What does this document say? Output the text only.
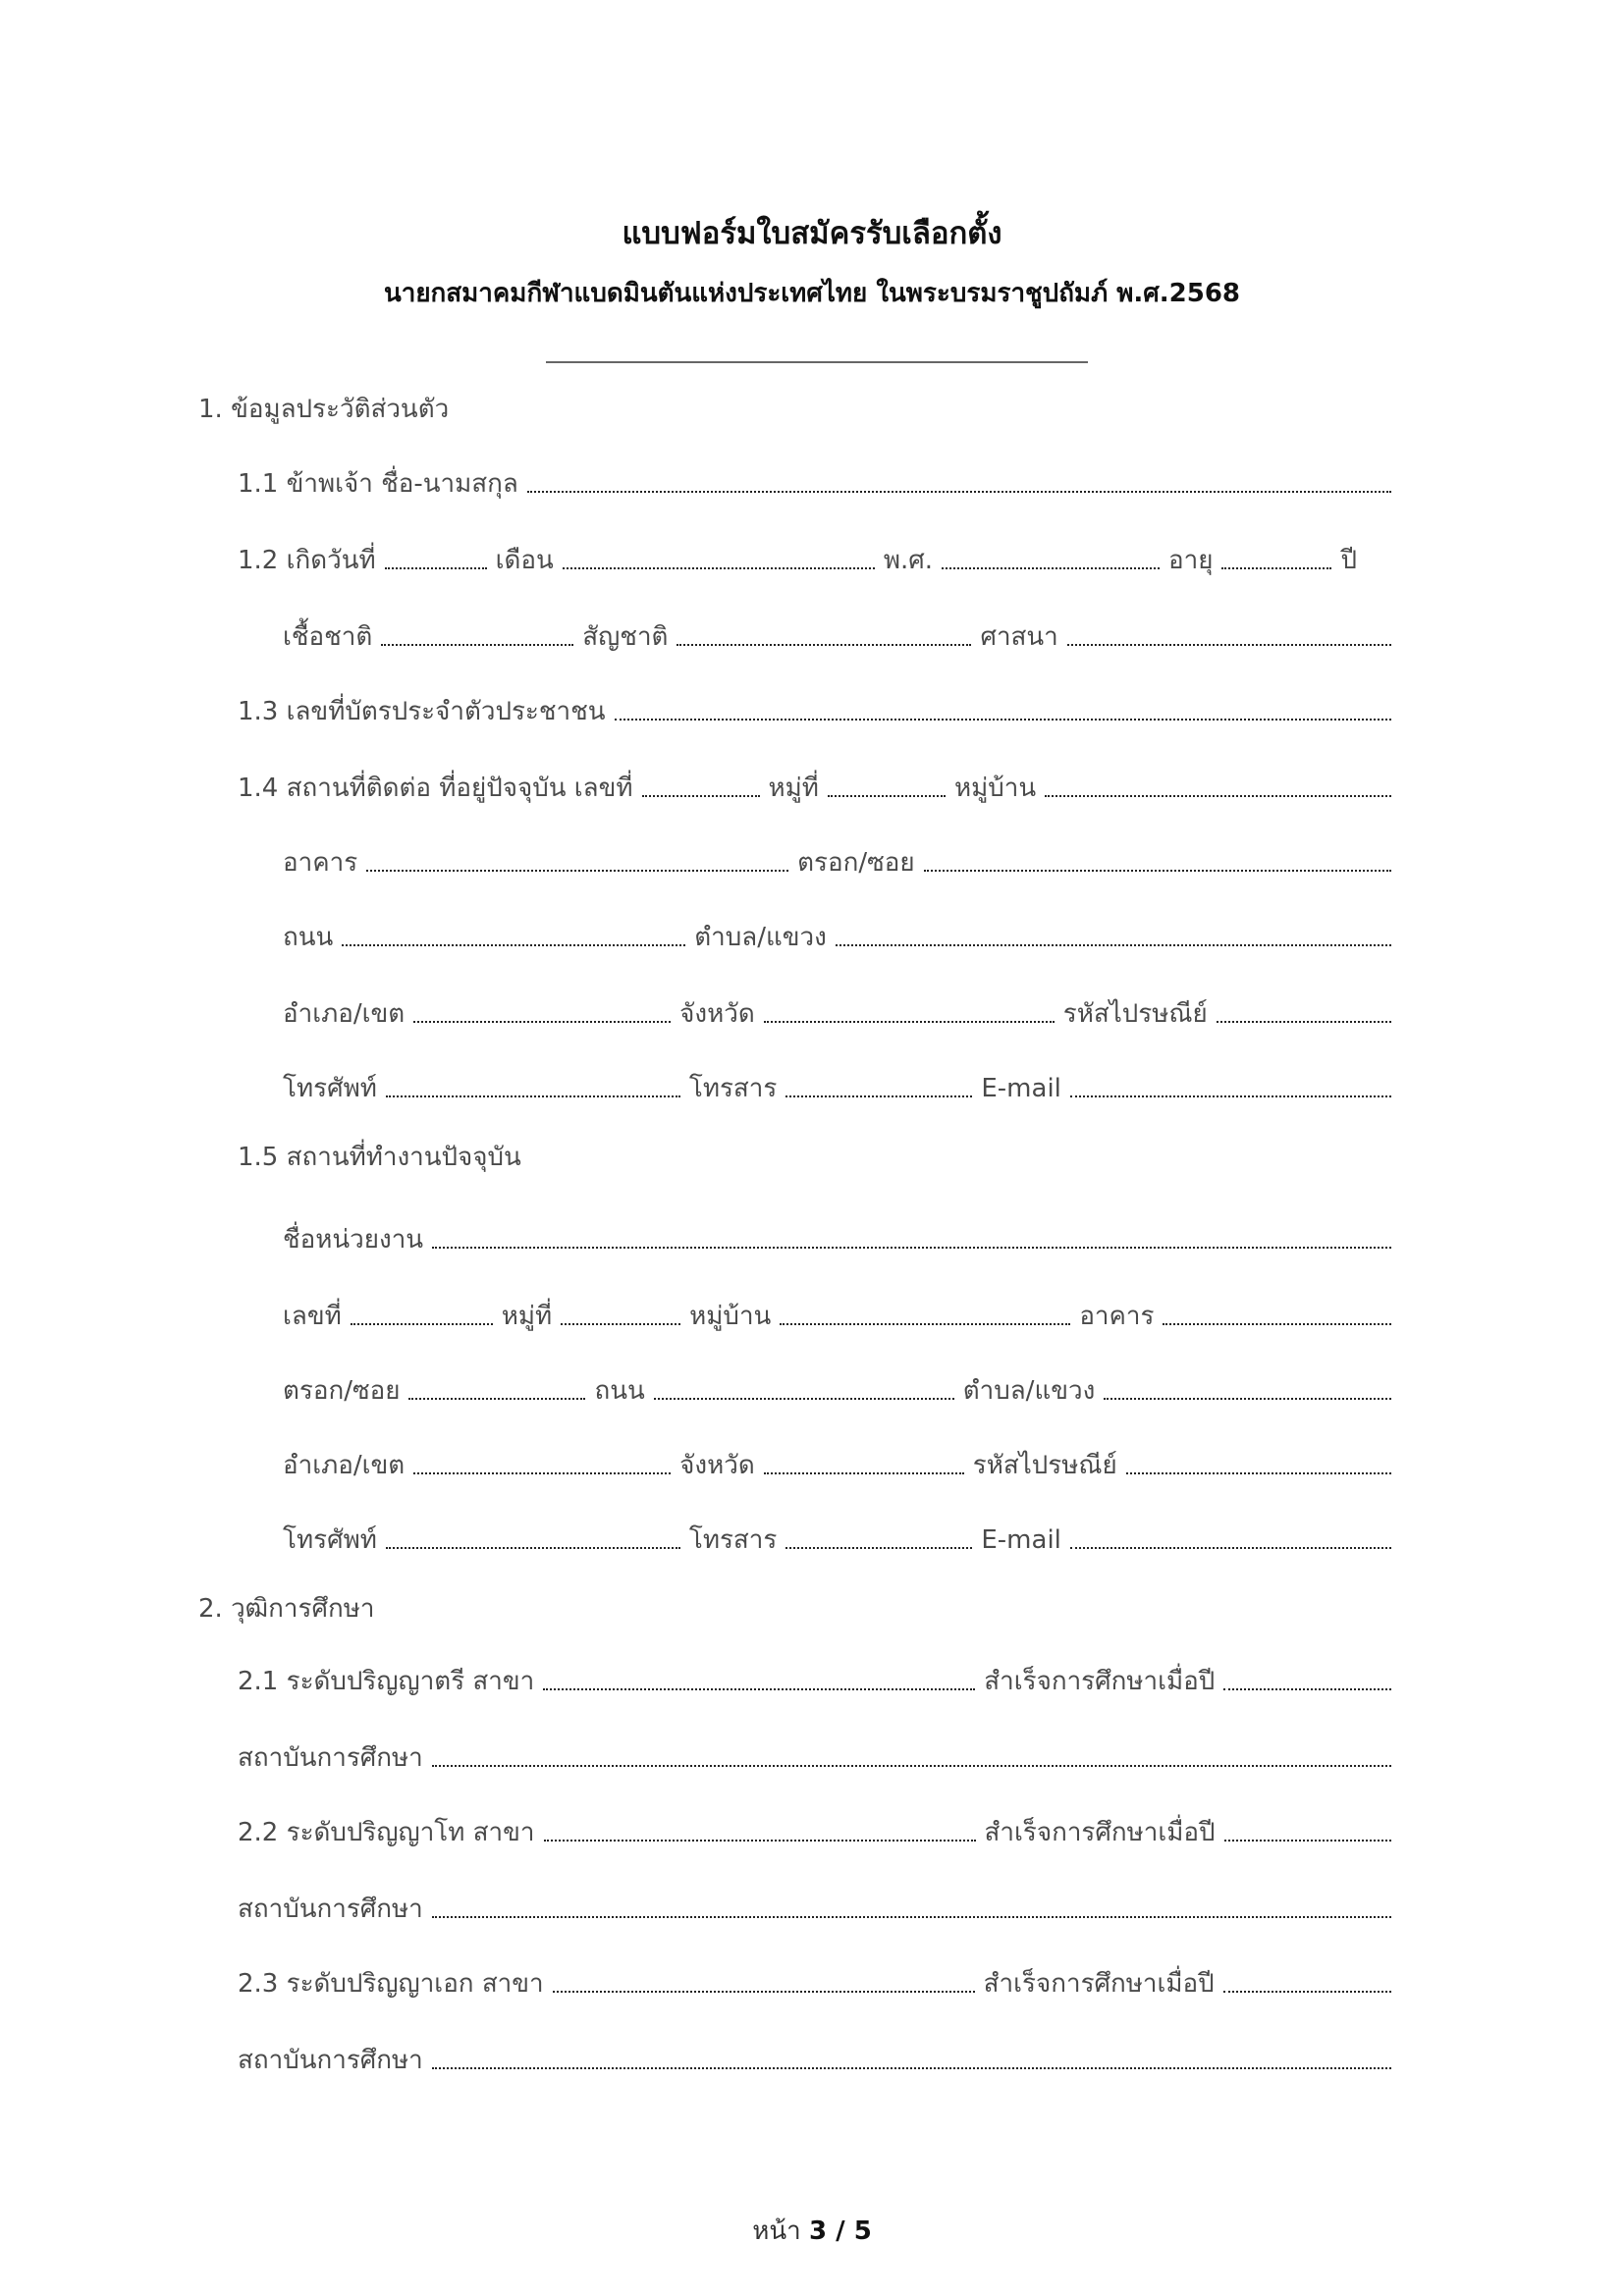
แบบฟอร์มใบสมัครรับเลือกตั้ง
นายกสมาคมกีฬาแบดมินตันแห่งประเทศไทย ในพระบรมราชูปถัมภ์ พ.ศ.2568
1. ข้อมูลประวัติส่วนตัว
1.1 ข้าพเจ้า ชื่อ-นามสกุล
1.2 เกิดวันที่	เดือน	พ.ศ.	อายุ	ปี
เชื้อชาติ	สัญชาติ	ศาสนา
1.3 เลขที่บัตรประจำตัวประชาชน
1.4 สถานที่ติดต่อ ที่อยู่ปัจจุบัน เลขที่	หมู่ที่	หมู่บ้าน
อาคาร	ตรอก/ซอย
ถนน	ตำบล/แขวง
อำเภอ/เขต	จังหวัด	รหัสไปรษณีย์
โทรศัพท์	โทรสาร	E-mail
1.5 สถานที่ทำงานปัจจุบัน
ชื่อหน่วยงาน
เลขที่	หมู่ที่	หมู่บ้าน	อาคาร
ตรอก/ซอย	ถนน	ตำบล/แขวง
อำเภอ/เขต	จังหวัด	รหัสไปรษณีย์
โทรศัพท์	โทรสาร	E-mail
2. วุฒิการศึกษา
2.1 ระดับปริญญาตรี สาขา	สำเร็จการศึกษาเมื่อปี
สถาบันการศึกษา
2.2 ระดับปริญญาโท สาขา	สำเร็จการศึกษาเมื่อปี
สถาบันการศึกษา
2.3 ระดับปริญญาเอก สาขา	สำเร็จการศึกษาเมื่อปี
สถาบันการศึกษา
หน้า 3 / 5
